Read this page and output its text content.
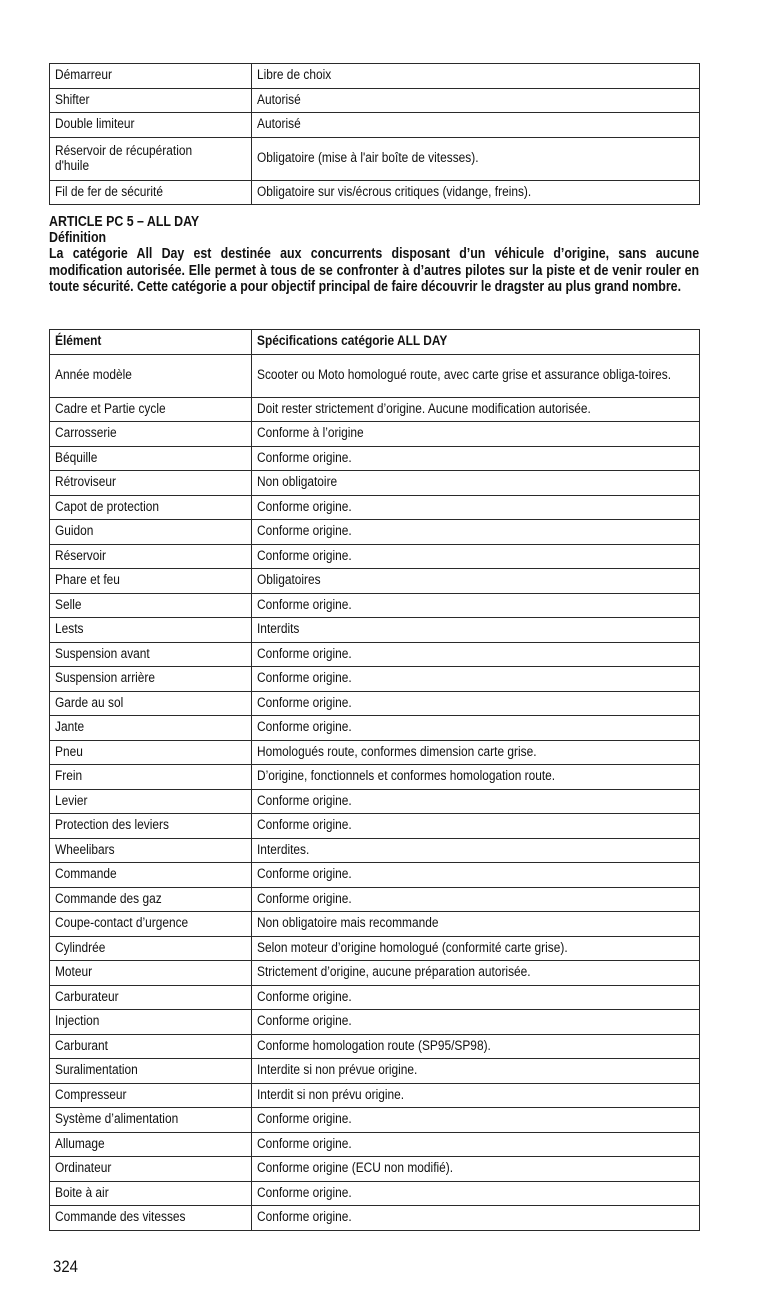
Démarreur	Libre de choix
Shifter	Autorisé
Double limiteur	Autorisé
Réservoir de récupération d'huile	Obligatoire (mise à l'air boîte de vitesses).
Fil de fer de sécurité	Obligatoire sur vis/écrous critiques (vidange, freins).
ARTICLE PC 5 – ALL DAY
Définition
La catégorie All Day est destinée aux concurrents disposant d’un véhicule d’origine, sans aucune modification autorisée. Elle permet à tous de se confronter à d’autres pilotes sur la piste et de venir rouler en toute sécurité. Cette catégorie a pour objectif principal de faire découvrir le dragster au plus grand nombre.
Élément	Spécifications catégorie ALL DAY
Année modèle	Scooter ou Moto homologué route, avec carte grise et assurance obliga-toires.
Cadre et Partie cycle	Doit rester strictement d’origine. Aucune modification autorisée.
Carrosserie	Conforme à l’origine
Béquille	Conforme origine.
Rétroviseur	Non obligatoire
Capot de protection	Conforme origine.
Guidon	Conforme origine.
Réservoir	Conforme origine.
Phare et feu	Obligatoires
Selle	Conforme origine.
Lests	Interdits
Suspension avant	Conforme origine.
Suspension arrière	Conforme origine.
Garde au sol	Conforme origine.
Jante	Conforme origine.
Pneu	Homologués route, conformes dimension carte grise.
Frein	D’origine, fonctionnels et conformes homologation route.
Levier	Conforme origine.
Protection des leviers	Conforme origine.
Wheelibars	Interdites.
Commande	Conforme origine.
Commande des gaz	Conforme origine.
Coupe-contact d’urgence	Non obligatoire mais recommande
Cylindrée	Selon moteur d’origine homologué (conformité carte grise).
Moteur	Strictement d’origine, aucune préparation autorisée.
Carburateur	Conforme origine.
Injection	Conforme origine.
Carburant	Conforme homologation route (SP95/SP98).
Suralimentation	Interdite si non prévue origine.
Compresseur	Interdit si non prévu origine.
Système d’alimentation	Conforme origine.
Allumage	Conforme origine.
Ordinateur	Conforme origine (ECU non modifié).
Boite à air	Conforme origine.
Commande des vitesses	Conforme origine.
324
